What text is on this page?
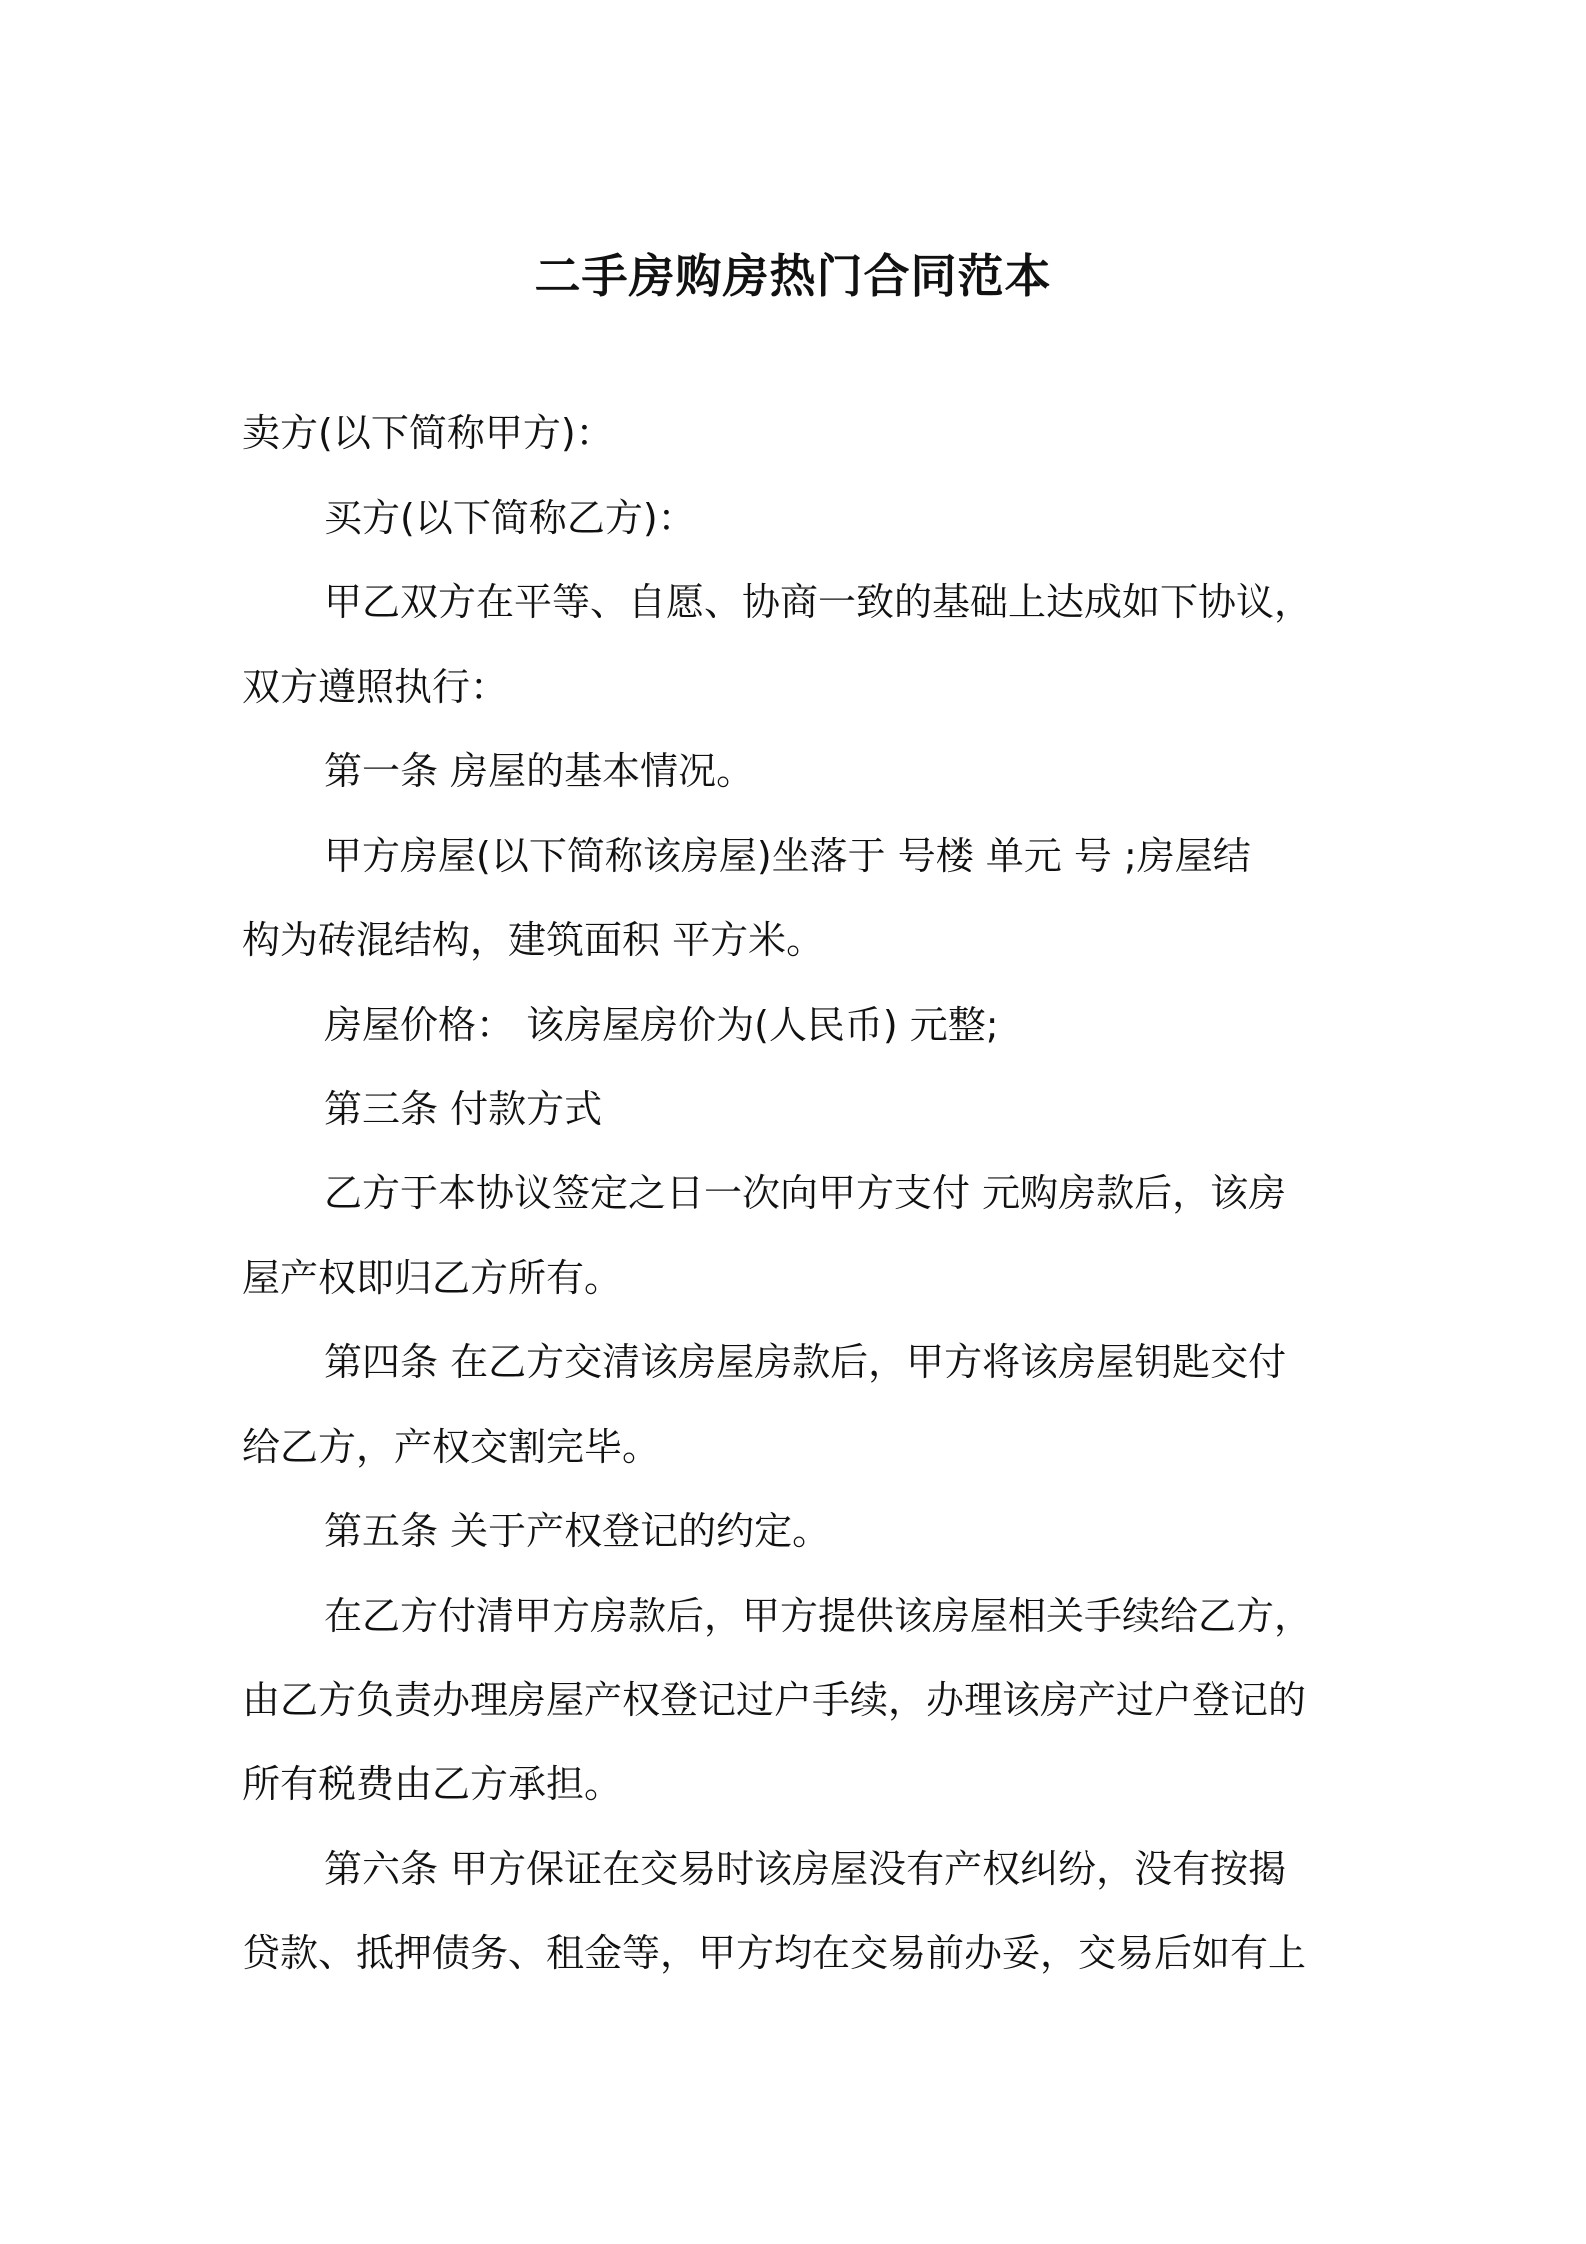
二手房购房热门合同范本

卖方(以下简称甲方)：

买方(以下简称乙方)：

甲乙双方在平等、自愿、协商一致的基础上达成如下协议，

双方遵照执行：

第一条 房屋的基本情况。

甲方房屋(以下简称该房屋)坐落于 号楼 单元 号 ;房屋结

构为砖混结构，建筑面积 平方米。

房屋价格： 该房屋房价为(人民币) 元整;

第三条 付款方式

乙方于本协议签定之日一次向甲方支付 元购房款后，该房

屋产权即归乙方所有。

第四条 在乙方交清该房屋房款后，甲方将该房屋钥匙交付

给乙方，产权交割完毕。

第五条 关于产权登记的约定。

在乙方付清甲方房款后，甲方提供该房屋相关手续给乙方，

由乙方负责办理房屋产权登记过户手续，办理该房产过户登记的

所有税费由乙方承担。

第六条 甲方保证在交易时该房屋没有产权纠纷，没有按揭

贷款、抵押债务、租金等，甲方均在交易前办妥，交易后如有上
